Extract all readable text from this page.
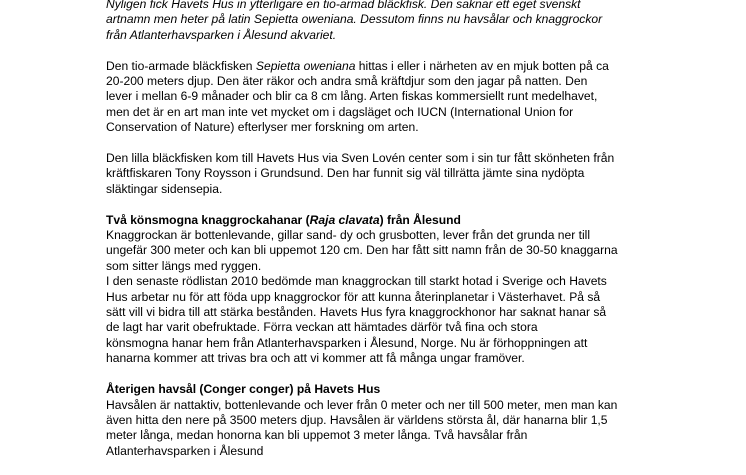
Nyligen fick Havets Hus in ytterligare en tio-armad bläckfisk. Den saknar ett eget svenskt
artnamn men heter på latin Sepietta oweniana. Dessutom finns nu havsålar och knaggrockor
från Atlanterhavsparken i Ålesund akvariet.
Den tio-armade bläckfisken Sepietta oweniana hittas i eller i närheten av en mjuk botten på ca
20-200 meters djup. Den äter räkor och andra små kräftdjur som den jagar på natten. Den
lever i mellan 6-9 månader och blir ca 8 cm lång. Arten fiskas kommersiellt runt medelhavet,
men det är en art man inte vet mycket om i dagsläget och IUCN (International Union for
Conservation of Nature) efterlyser mer forskning om arten.
Den lilla bläckfisken kom till Havets Hus via Sven Lovén center som i sin tur fått skönheten från
kräftfiskaren Tony Roysson i Grundsund. Den har funnit sig väl tillrätta jämte sina nydöpta
släktingar sidensepia.
Två könsmogna knaggrockahanar (Raja clavata) från Ålesund
Knaggrockan är bottenlevande, gillar sand- dy och grusbotten, lever från det grunda ner till
ungefär 300 meter och kan bli uppemot 120 cm. Den har fått sitt namn från de 30-50 knaggarna
som sitter längs med ryggen.
I den senaste rödlistan 2010 bedömde man knaggrockan till starkt hotad i Sverige och Havets
Hus arbetar nu för att föda upp knaggrockor för att kunna återinplanetar i Västerhavet. På så
sätt vill vi bidra till att stärka bestånden. Havets Hus fyra knaggrockhonor har saknat hanar så
de lagt har varit obefruktade. Förra veckan att hämtades därför två fina och stora
könsmogna hanar hem från Atlanterhavsparken i Ålesund, Norge. Nu är förhoppningen att
hanarna kommer att trivas bra och att vi kommer att få många ungar framöver.
Återigen havsål (Conger conger) på Havets Hus
Havsålen är nattaktiv, bottenlevande och lever från 0 meter och ner till 500 meter, men man kan
även hitta den nere på 3500 meters djup. Havsålen är världens största ål, där hanarna blir 1,5
meter långa, medan honorna kan bli uppemot 3 meter långa. Två havsålar från
Atlanterhavsparken i Ålesund
